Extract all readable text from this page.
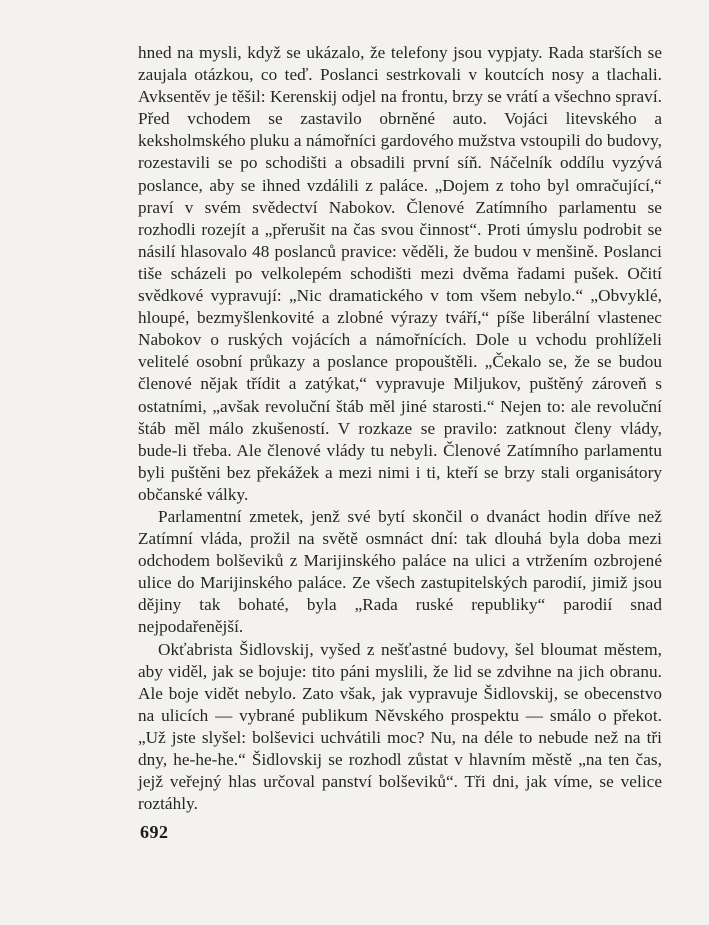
hned na mysli, když se ukázalo, že telefony jsou vypjaty. Rada starších se zaujala otázkou, co teď. Poslanci sestrkovali v koutcích nosy a tlachali. Avksentěv je těšil: Kerenskij odjel na frontu, brzy se vrátí a všechno spraví. Před vchodem se zastavilo obrněné auto. Vojáci litevského a keksholmského pluku a námořníci gardového mužstva vstoupili do budovy, rozestavili se po schodišti a obsadili první síň. Náčelník oddílu vyzývá poslance, aby se ihned vzdálili z paláce. „Dojem z toho byl omračující,“ praví v svém svědectví Nabokov. Členové Zatímního parlamentu se rozhodli rozejít a „přerušit na čas svou činnost“. Proti úmyslu podrobit se násilí hlasovalo 48 poslanců pravice: věděli, že budou v menšině. Poslanci tiše scházeli po velkolepém schodišti mezi dvěma řadami pušek. Očití svědkové vypravují: „Nic dramatického v tom všem nebylo.“ „Obvyklé, hloupé, bezmyšlenkovité a zlobné výrazy tváří,“ píše liberální vlastenec Nabokov o ruských vojácích a námořnících. Dole u vchodu prohlíželi velitelé osobní průkazy a poslance propouštěli. „Čekalo se, že se budou členové nějak třídit a zatýkat,“ vypravuje Miljukov, puštěný zároveň s ostatními, „avšak revoluční štáb měl jiné starosti.“ Nejen to: ale revoluční štáb měl málo zkušeností. V rozkaze se pravilo: zatknout členy vlády, bude-li třeba. Ale členové vlády tu nebyli. Členové Zatímního parlamentu byli puštěni bez překážek a mezi nimi i ti, kteří se brzy stali organisátory občanské války.

Parlamentní zmetek, jenž své bytí skončil o dvanáct hodin dříve než Zatímní vláda, prožil na světě osmnáct dní: tak dlouhá byla doba mezi odchodem bolševiků z Marijinského paláce na ulici a vtržením ozbrojené ulice do Marijinského paláce. Ze všech zastupitelských parodií, jimiž jsou dějiny tak bohaté, byla „Rada ruské republiky“ parodií snad nejpodařenější.

Okťabrista Šidlovskij, vyšed z nešťastné budovy, šel bloumat městem, aby viděl, jak se bojuje: tito páni myslili, že lid se zdvihne na jich obranu. Ale boje vidět nebylo. Zato však, jak vypravuje Šidlovskij, se obecenstvo na ulicích — vybrané publikum Něvského prospektu — smálo o překot. „Už jste slyšel: bolševici uchvátili moc? Nu, na déle to nebude než na tři dny, he-he-he.“ Šidlovskij se rozhodl zůstat v hlavním městě „na ten čas, jejž veřejný hlas určoval panství bolševiků“. Tři dni, jak víme, se velice roztáhly.

692
